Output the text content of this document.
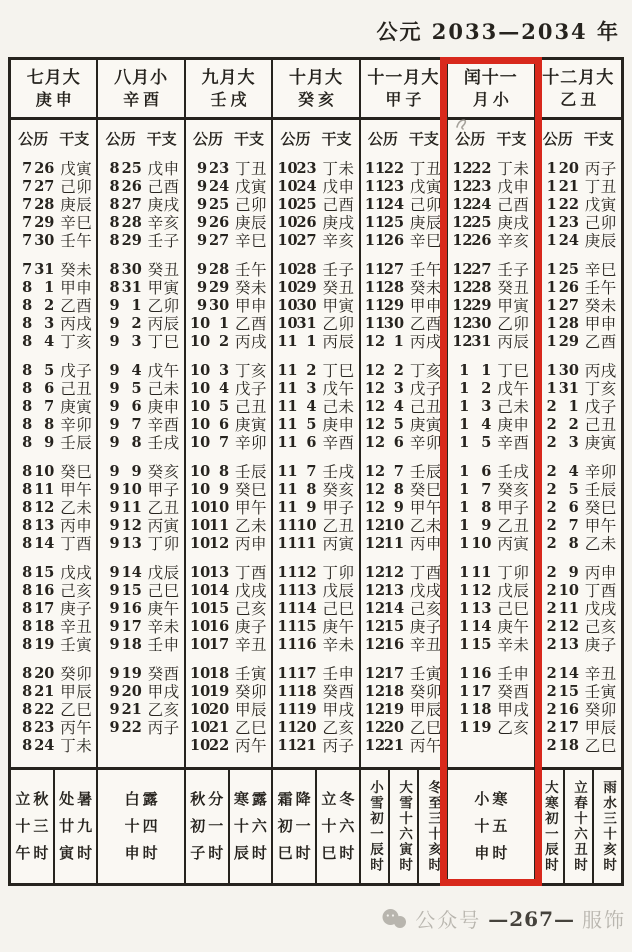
公元 2033—2034 年
七月大
庚申
公历 干支
7 26 戊寅
7 27 己卯
7 28 庚辰
7 29 辛巳
7 30 壬午
7 31 癸未
8 1 甲申
8 2 乙酉
8 3 丙戌
8 4 丁亥
8 5 戊子
8 6 己丑
8 7 庚寅
8 8 辛卯
8 9 壬辰
8 10 癸巳
8 11 甲午
8 12 乙未
8 13 丙申
8 14 丁酉
8 15 戊戌
8 16 己亥
8 17 庚子
8 18 辛丑
8 19 壬寅
8 20 癸卯
8 21 甲辰
8 22 乙巳
8 23 丙午
8 24 丁未
立秋
十三
午时
处暑
廿九
寅时
八月小
辛酉
公历 干支
8 25 戊申
8 26 己酉
8 27 庚戌
8 28 辛亥
8 29 壬子
8 30 癸丑
8 31 甲寅
9 1 乙卯
9 2 丙辰
9 3 丁巳
9 4 戊午
9 5 己未
9 6 庚申
9 7 辛酉
9 8 壬戌
9 9 癸亥
9 10 甲子
9 11 乙丑
9 12 丙寅
9 13 丁卯
9 14 戊辰
9 15 己巳
9 16 庚午
9 17 辛未
9 18 壬申
9 19 癸酉
9 20 甲戌
9 21 乙亥
9 22 丙子
白露
十四
申时
九月大
壬戌
公历 干支
9 23 丁丑
9 24 戊寅
9 25 己卯
9 26 庚辰
9 27 辛巳
9 28 壬午
9 29 癸未
9 30 甲申
10 1 乙酉
10 2 丙戌
10 3 丁亥
10 4 戊子
10 5 己丑
10 6 庚寅
10 7 辛卯
10 8 壬辰
10 9 癸巳
10
10 甲午
10
11 乙未
10
12 丙申
10
13 丁酉
10
14 戊戌
10
15 己亥
10
16 庚子
10
17 辛丑
10
18 壬寅
10
19 癸卯
10
20 甲辰
10
21 乙巳
10
22 丙午
秋分
初一
子时
寒露
十六
辰时
十月大
癸亥
公历 干支
10
23 丁未
10
24 戊申
10
25 己酉
10
26 庚戌
10
27 辛亥
10
28 壬子
10
29 癸丑
10
30 甲寅
10
31 乙卯
11 1 丙辰
11 2 丁巳
11 3 戊午
11 4 己未
11 5 庚申
11 6 辛酉
11 7 壬戌
11 8 癸亥
11 9 甲子
11
10 乙丑
11
11 丙寅
11
12 丁卯
11
13 戊辰
11
14 己巳
11
15 庚午
11
16 辛未
11
17 壬申
11
18 癸酉
11
19 甲戌
11
20 乙亥
11
21 丙子
霜降
初一
巳时
立冬
十六
巳时
十一月大
甲子
公历 干支
11
22 丁丑
11
23 戊寅
11
24 己卯
11
25 庚辰
11
26 辛巳
11
27 壬午
11
28 癸未
11
29 甲申
11
30 乙酉
12 1 丙戌
12 2 丁亥
12 3 戊子
12 4 己丑
12 5 庚寅
12 6 辛卯
12 7 壬辰
12 8 癸巳
12 9 甲午
12
10 乙未
12
11 丙申
12
12 丁酉
12
13 戊戌
12
14 己亥
12
15 庚子
12
16 辛丑
12
17 壬寅
12
18 癸卯
12
19 甲辰
12
20 乙巳
12
21 丙午
小雪初一辰时 大雪十六寅时 冬至三十亥时
闰十一
月小
公历 干支
12
22 丁未
12
23 戊申
12
24 己酉
12
25 庚戌
12
26 辛亥
12
27 壬子
12
28 癸丑
12
29 甲寅
12
30 乙卯
12
31 丙辰
1 1 丁巳
1 2 戊午
1 3 己未
1 4 庚申
1 5 辛酉
1 6 壬戌
1 7 癸亥
1 8 甲子
1 9 乙丑
1 10 丙寅
1 11 丁卯
1 12 戊辰
1 13 己巳
1 14 庚午
1 15 辛未
1 16 壬申
1 17 癸酉
1 18 甲戌
1 19 乙亥
小寒
十五
申时
十二月大
乙丑
公历 干支
1 20 丙子
1 21 丁丑
1 22 戊寅
1 23 己卯
1 24 庚辰
1 25 辛巳
1 26 壬午
1 27 癸未
1 28 甲申
1 29 乙酉
1 30 丙戌
1 31 丁亥
2 1 戊子
2 2 己丑
2 3 庚寅
2 4 辛卯
2 5 壬辰
2 6 癸巳
2 7 甲午
2 8 乙未
2 9 丙申
2 10 丁酉
2 11 戊戌
2 12 己亥
2 13 庚子
2 14 辛丑
2 15 壬寅
2 16 癸卯
2 17 甲辰
2 18 乙巳
大寒初一辰时 立春十六丑时 雨水三十亥时
公众号 —267— 服饰
